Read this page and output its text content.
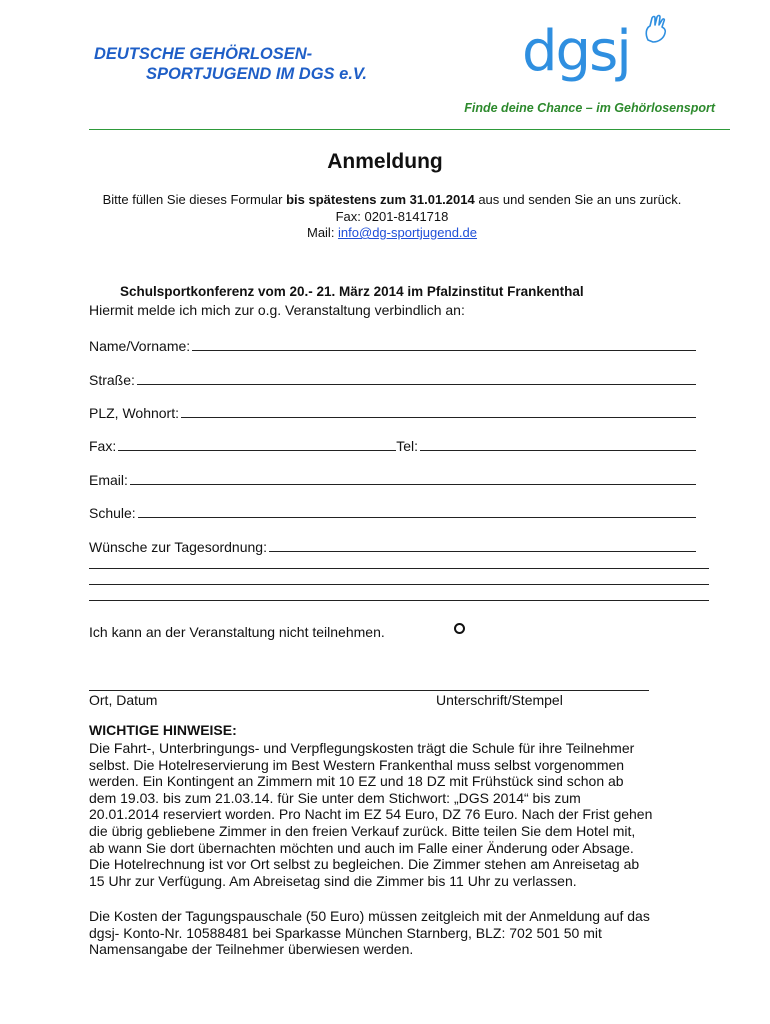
DEUTSCHE GEHÖRLOSEN-
SPORTJUGEND IM DGS e.V.	dgsj
Finde deine Chance – im Gehörlosensport
Anmeldung
Bitte füllen Sie dieses Formular bis spätestens zum 31.01.2014 aus und senden Sie an uns zurück.
Fax: 0201-8141718
Mail: info@dg-sportjugend.de
Schulsportkonferenz vom 20.- 21. März 2014 im Pfalzinstitut Frankenthal
Hiermit melde ich mich zur o.g. Veranstaltung verbindlich an:
Name/Vorname:
Straße:
PLZ, Wohnort:
Fax:	Tel:
Email:
Schule:
Wünsche zur Tagesordnung:
Ich kann an der Veranstaltung nicht teilnehmen.
Ort, Datum	Unterschrift/Stempel
WICHTIGE HINWEISE:
Die Fahrt-, Unterbringungs- und Verpflegungskosten trägt die Schule für ihre Teilnehmer
selbst. Die Hotelreservierung im Best Western Frankenthal muss selbst vorgenommen
werden. Ein Kontingent an Zimmern mit 10 EZ und 18 DZ mit Frühstück sind schon ab
dem 19.03. bis zum 21.03.14. für Sie unter dem Stichwort: „DGS 2014“ bis zum
20.01.2014 reserviert worden. Pro Nacht im EZ 54 Euro, DZ 76 Euro. Nach der Frist gehen
die übrig gebliebene Zimmer in den freien Verkauf zurück. Bitte teilen Sie dem Hotel mit,
ab wann Sie dort übernachten möchten und auch im Falle einer Änderung oder Absage.
Die Hotelrechnung ist vor Ort selbst zu begleichen. Die Zimmer stehen am Anreisetag ab
15 Uhr zur Verfügung. Am Abreisetag sind die Zimmer bis 11 Uhr zu verlassen.
Die Kosten der Tagungspauschale (50 Euro) müssen zeitgleich mit der Anmeldung auf das
dgsj- Konto-Nr. 10588481 bei Sparkasse München Starnberg, BLZ: 702 501 50 mit
Namensangabe der Teilnehmer überwiesen werden.
